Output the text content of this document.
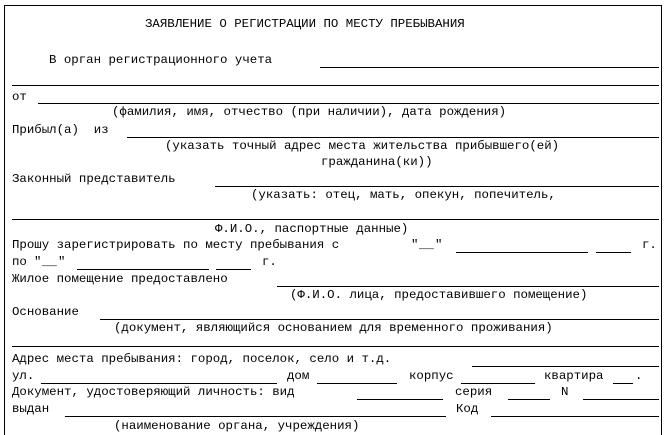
ЗАЯВЛЕНИЕ О РЕГИСТРАЦИИ ПО МЕСТУ ПРЕБЫВАНИЯ
В орган регистрационного учета
от
(фамилия, имя, отчество (при наличии), дата рождения)
Прибыл(а)  из
(указать точный адрес места жительства прибывшего(ей)
гражданина(ки))
Законный представитель
(указать: отец, мать, опекун, попечитель,
Ф.И.О., паспортные данные)
Прошу зарегистрировать по месту пребывания с	" __ "	г.
по " __ "	г.
Жилое помещение предоставлено
(Ф.И.О. лица, предоставившего помещение)
Основание
(документ, являющийся основанием для временного проживания)
Адрес места пребывания: город, поселок, село и т.д.
ул.	дом	корпус	квартира	.
Документ, удостоверяющий личность: вид	серия	N
выдан	Код
(наименование органа, учреждения)
